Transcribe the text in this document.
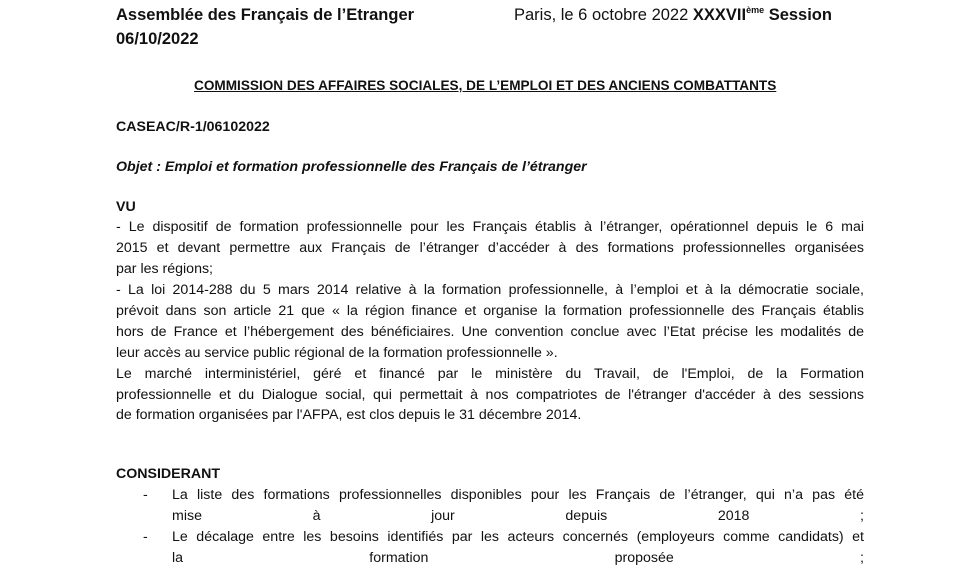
Assemblée des Français de l’Etranger
06/10/2022
Paris, le 6 octobre 2022 XXXVIIème Session
COMMISSION DES AFFAIRES SOCIALES, DE L’EMPLOI ET DES ANCIENS COMBATTANTS
CASEAC/R-1/06102022
Objet : Emploi et formation professionnelle des Français de l’étranger
VU
- Le dispositif de formation professionnelle pour les Français établis à l’étranger, opérationnel depuis le 6 mai
2015 et devant permettre aux Français de l’étranger d’accéder à des formations professionnelles organisées
par les régions;
- La loi 2014-288 du 5 mars 2014 relative à la formation professionnelle, à l’emploi et à la démocratie sociale,
prévoit dans son article 21 que « la région finance et organise la formation professionnelle des Français établis
hors de France et l’hébergement des bénéficiaires. Une convention conclue avec l’Etat précise les modalités de
leur accès au service public régional de la formation professionnelle ».
Le marché interministériel, géré et financé par le ministère du Travail, de l'Emploi, de la Formation
professionnelle et du Dialogue social, qui permettait à nos compatriotes de l'étranger d'accéder à des sessions
de formation organisées par l'AFPA, est clos depuis le 31 décembre 2014.
CONSIDERANT
- La liste des formations professionnelles disponibles pour les Français de l’étranger, qui n’a pas été
mise à jour depuis 2018 ;
- Le décalage entre les besoins identifiés par les acteurs concernés (employeurs comme candidats) et
la formation proposée ;
